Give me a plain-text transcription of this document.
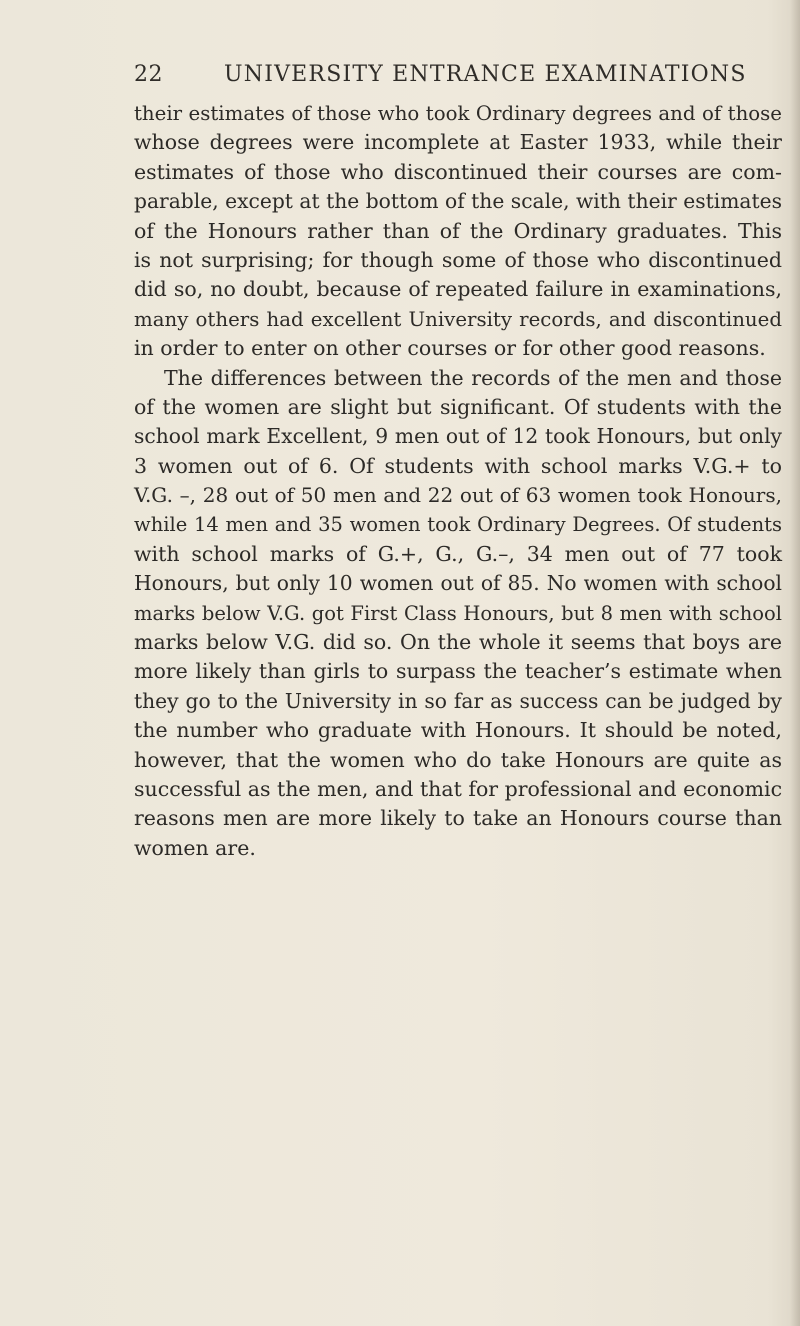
22	UNIVERSITY ENTRANCE EXAMINATIONS
their estimates of those who took Ordinary degrees and of those
whose degrees were incomplete at Easter 1933, while their
estimates of those who discontinued their courses are com-
parable, except at the bottom of the scale, with their estimates
of the Honours rather than of the Ordinary graduates. This
is not surprising; for though some of those who discontinued
did so, no doubt, because of repeated failure in examinations,
many others had excellent University records, and discontinued
in order to enter on other courses or for other good reasons.
The differences between the records of the men and those
of the women are slight but significant. Of students with the
school mark Excellent, 9 men out of 12 took Honours, but only
3 women out of 6. Of students with school marks V.G.+ to
V.G. –, 28 out of 50 men and 22 out of 63 women took Honours,
while 14 men and 35 women took Ordinary Degrees. Of students
with school marks of G.+, G., G.–, 34 men out of 77 took
Honours, but only 10 women out of 85. No women with school
marks below V.G. got First Class Honours, but 8 men with school
marks below V.G. did so. On the whole it seems that boys are
more likely than girls to surpass the teacher’s estimate when
they go to the University in so far as success can be judged by
the number who graduate with Honours. It should be noted,
however, that the women who do take Honours are quite as
successful as the men, and that for professional and economic
reasons men are more likely to take an Honours course than
women are.
